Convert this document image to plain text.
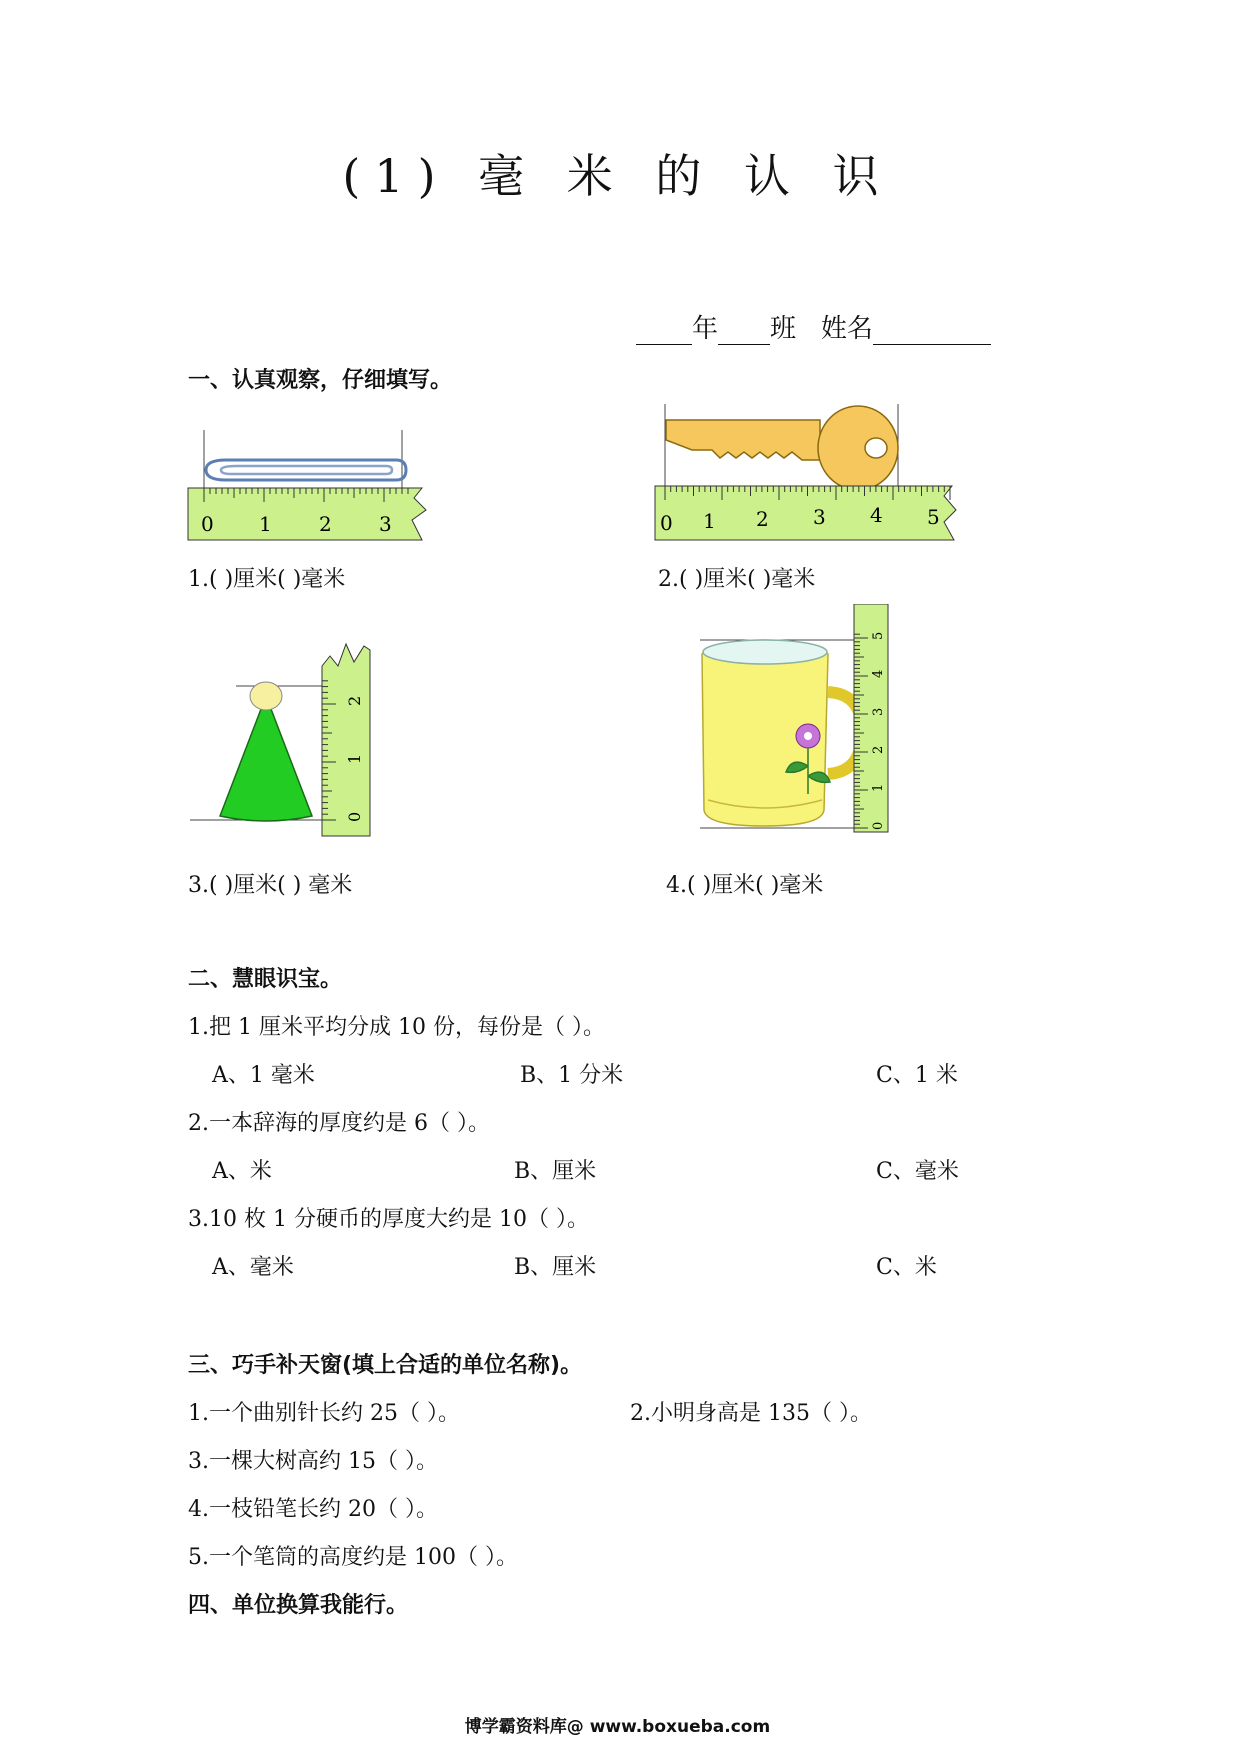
(1) 毫 米 的 认 识
年 班 姓名
一、认真观察，仔细填写。
0 1 2 3	0 1 2 3 4 5
1.( )厘米( )毫米	2.( )厘米( )毫米
0
1
2
0
1
2
3
4
5
3.( )厘米( ) 毫米	4.( )厘米( )毫米
二、慧眼识宝。
1.把 1 厘米平均分成 10 份，每份是（ ）。
A、1 毫米	B、1 分米	C、1 米
2.一本辞海的厚度约是 6（ ）。
A、米	B、厘米	C、毫米
3.10 枚 1 分硬币的厚度大约是 10（ ）。
A、毫米	B、厘米	C、米
三、巧手补天窗(填上合适的单位名称)。
1.一个曲别针长约 25（ ）。	2.小明身高是 135（ ）。
3.一棵大树高约 15（ ）。
4.一枝铅笔长约 20（ ）。
5.一个笔筒的高度约是 100（ ）。
四、单位换算我能行。
博学霸资料库@ www.boxueba.com
